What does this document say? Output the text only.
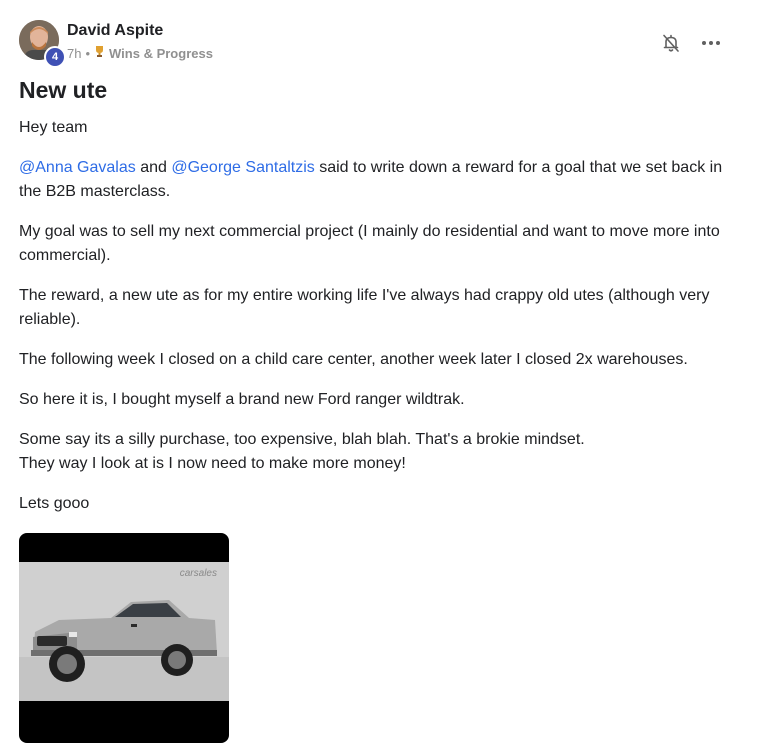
4
David Aspite
7h • Wins & Progress
New ute

Hey team

@Anna Gavalas and @George Santaltzis said to write down a reward for a goal that we set back in the B2B masterclass.

My goal was to sell my next commercial project (I mainly do residential and want to move more into commercial).

The reward, a new ute as for my entire working life I've always had crappy old utes (although very reliable).

The following week I closed on a child care center, another week later I closed 2x warehouses.

So here it is, I bought myself a brand new Ford ranger wildtrak.

Some say its a silly purchase, too expensive, blah blah. That's a brokie mindset.
They way I look at is I now need to make more money!

Lets gooo

carsales
